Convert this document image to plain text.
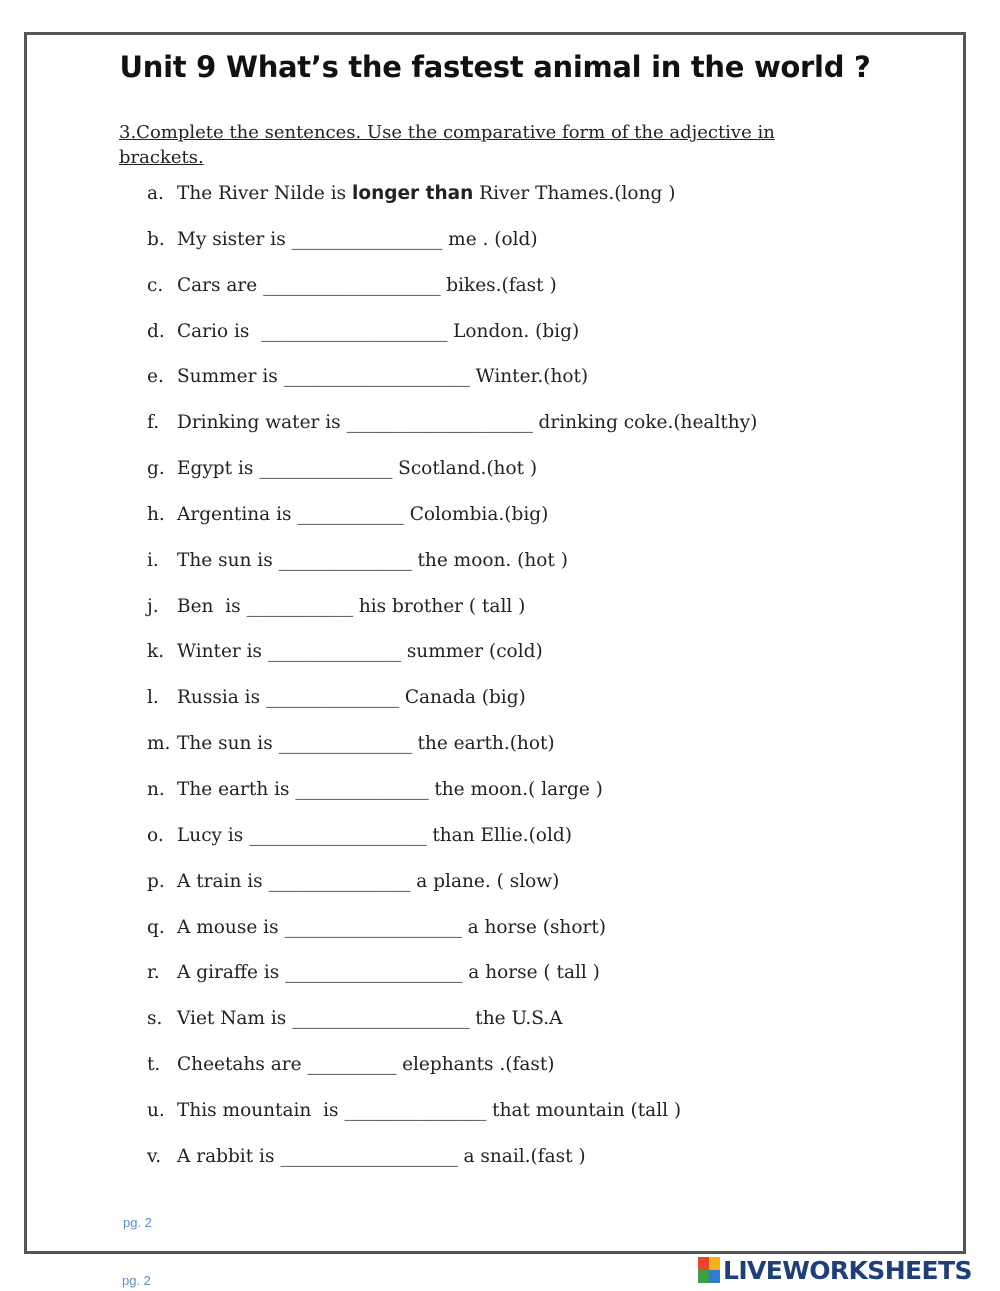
Unit 9 What’s the fastest animal in the world ?
3.Complete the sentences. Use the comparative form of the adjective in brackets.
a. The River Nilde is longer than River Thames.(long )
b. My sister is _________________ me . (old)
c. Cars are ____________________ bikes.(fast )
d. Cario is _____________________ London. (big)
e. Summer is _____________________ Winter.(hot)
f. Drinking water is _____________________ drinking coke.(healthy)
g. Egypt is _______________ Scotland.(hot )
h. Argentina is ____________ Colombia.(big)
i. The sun is _______________ the moon. (hot )
j. Ben  is ____________ his brother ( tall )
k. Winter is _______________ summer (cold)
l. Russia is _______________ Canada (big)
m. The sun is _______________ the earth.(hot)
n. The earth is _______________ the moon.( large )
o. Lucy is ____________________ than Ellie.(old)
p. A train is ________________ a plane. ( slow)
q. A mouse is ____________________ a horse (short)
r. A giraffe is ____________________ a horse ( tall )
s. Viet Nam is ____________________ the U.S.A
t. Cheetahs are __________ elephants .(fast)
u. This mountain  is ________________ that mountain (tall )
v. A rabbit is ____________________ a snail.(fast )
pg. 2
pg. 2	LIVEWORKSHEETS
